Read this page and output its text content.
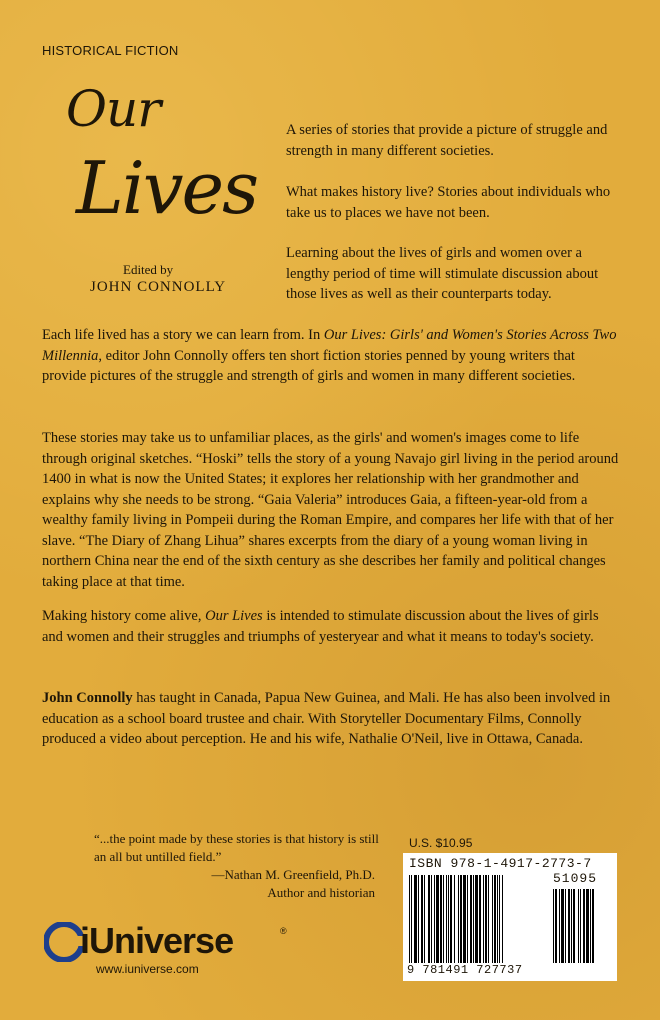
HISTORICAL FICTION
Our
Lives
Edited by
JOHN CONNOLLY
A series of stories that provide a picture of struggle and strength in many different societies.
What makes history live? Stories about individuals who take us to places we have not been.
Learning about the lives of girls and women over a lengthy period of time will stimulate discussion about those lives as well as their counterparts today.
Each life lived has a story we can learn from. In Our Lives: Girls' and Women's Stories Across Two Millennia, editor John Connolly offers ten short fiction stories penned by young writers that provide pictures of the struggle and strength of girls and women in many different societies.
These stories may take us to unfamiliar places, as the girls' and women's images come to life through original sketches. “Hoski” tells the story of a young Navajo girl living in the period around 1400 in what is now the United States; it explores her relationship with her grandmother and explains why she needs to be strong. “Gaia Valeria” introduces Gaia, a fifteen-year-old from a wealthy family living in Pompeii during the Roman Empire, and compares her life with that of her slave. “The Diary of Zhang Lihua” shares excerpts from the diary of a young woman living in northern China near the end of the sixth century as she describes her family and political changes taking place at that time.
Making history come alive, Our Lives is intended to stimulate discussion about the lives of girls and women and their struggles and triumphs of yesteryear and what it means to today's society.
John Connolly has taught in Canada, Papua New Guinea, and Mali. He has also been involved in education as a school board trustee and chair. With Storyteller Documentary Films, Connolly produced a video about perception. He and his wife, Nathalie O'Neil, live in Ottawa, Canada.
“...the point made by these stories is that history is still an all but untilled field.”
—Nathan M. Greenfield, Ph.D.
Author and historian
U.S. $10.95
ISBN 978-1-4917-2773-7
51095
9 781491 727737
iUniverse	®
www.iuniverse.com
